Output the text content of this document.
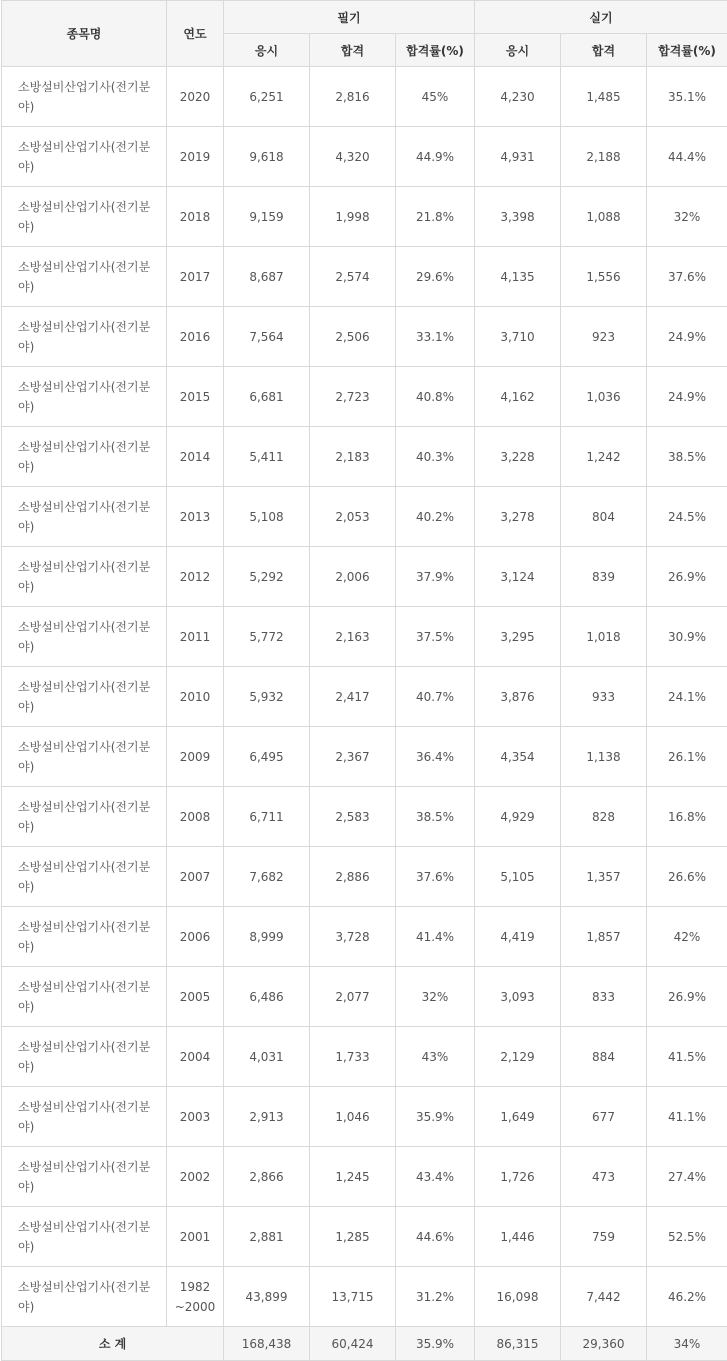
종목명	연도	필기			실기		
		응시	합격	합격률(%)	응시	합격	합격률(%)
소방설비산업기사(전기분야)	2020	6,251	2,816	45%	4,230	1,485	35.1%
소방설비산업기사(전기분야)	2019	9,618	4,320	44.9%	4,931	2,188	44.4%
소방설비산업기사(전기분야)	2018	9,159	1,998	21.8%	3,398	1,088	32%
소방설비산업기사(전기분야)	2017	8,687	2,574	29.6%	4,135	1,556	37.6%
소방설비산업기사(전기분야)	2016	7,564	2,506	33.1%	3,710	923	24.9%
소방설비산업기사(전기분야)	2015	6,681	2,723	40.8%	4,162	1,036	24.9%
소방설비산업기사(전기분야)	2014	5,411	2,183	40.3%	3,228	1,242	38.5%
소방설비산업기사(전기분야)	2013	5,108	2,053	40.2%	3,278	804	24.5%
소방설비산업기사(전기분야)	2012	5,292	2,006	37.9%	3,124	839	26.9%
소방설비산업기사(전기분야)	2011	5,772	2,163	37.5%	3,295	1,018	30.9%
소방설비산업기사(전기분야)	2010	5,932	2,417	40.7%	3,876	933	24.1%
소방설비산업기사(전기분야)	2009	6,495	2,367	36.4%	4,354	1,138	26.1%
소방설비산업기사(전기분야)	2008	6,711	2,583	38.5%	4,929	828	16.8%
소방설비산업기사(전기분야)	2007	7,682	2,886	37.6%	5,105	1,357	26.6%
소방설비산업기사(전기분야)	2006	8,999	3,728	41.4%	4,419	1,857	42%
소방설비산업기사(전기분야)	2005	6,486	2,077	32%	3,093	833	26.9%
소방설비산업기사(전기분야)	2004	4,031	1,733	43%	2,129	884	41.5%
소방설비산업기사(전기분야)	2003	2,913	1,046	35.9%	1,649	677	41.1%
소방설비산업기사(전기분야)	2002	2,866	1,245	43.4%	1,726	473	27.4%
소방설비산업기사(전기분야)	2001	2,881	1,285	44.6%	1,446	759	52.5%
소방설비산업기사(전기분야)	1982 ~2000	43,899	13,715	31.2%	16,098	7,442	46.2%
소 계		168,438	60,424	35.9%	86,315	29,360	34%
